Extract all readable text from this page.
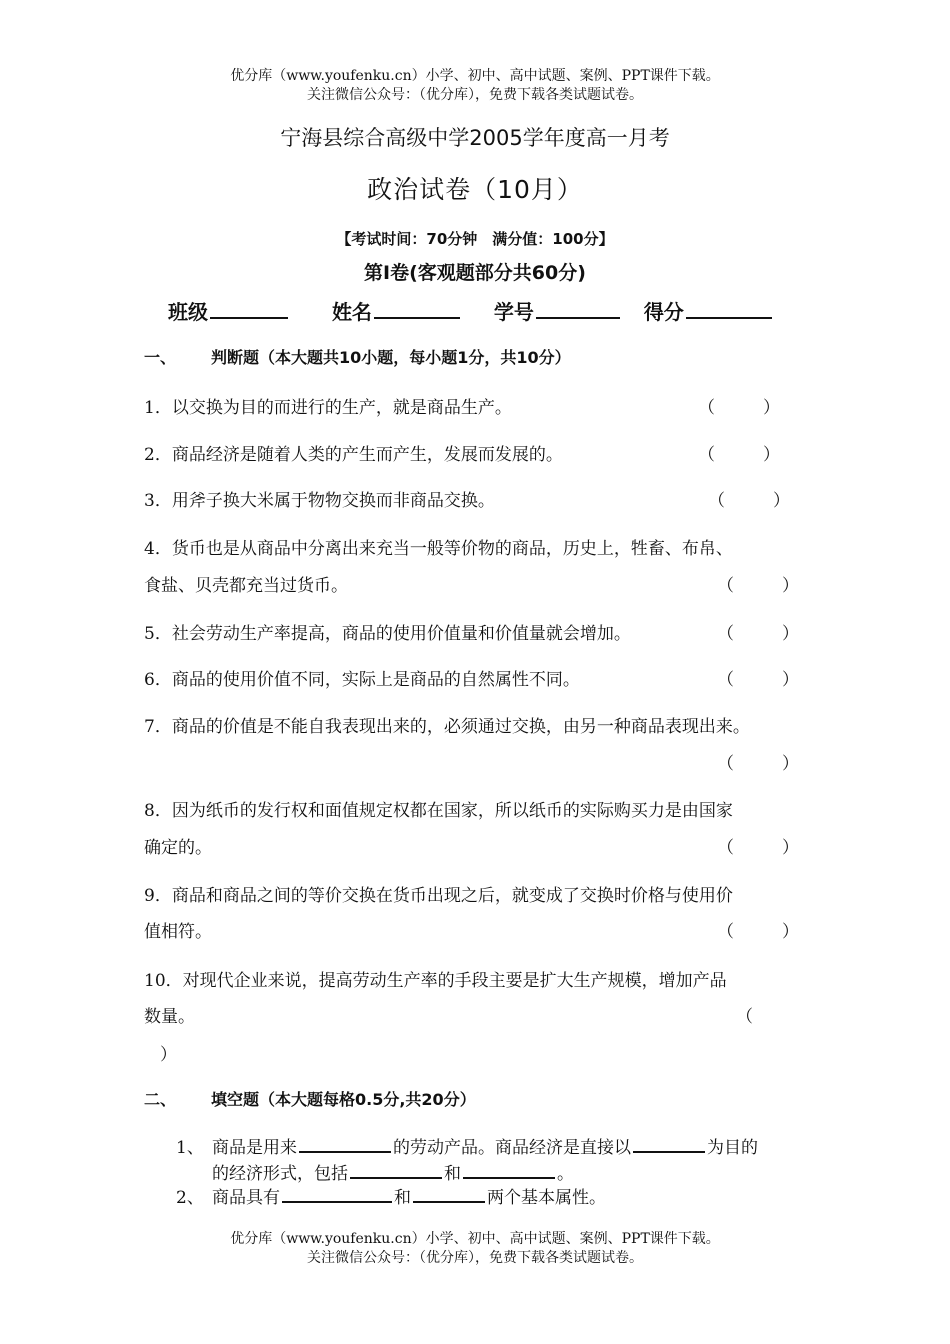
优分库（www.youfenku.cn）小学、初中、高中试题、案例、PPT课件下载。
关注微信公众号：（优分库），免费下载各类试题试卷。
宁海县综合高级中学2005学年度高一月考
政治试卷（10月）
【考试时间：70分钟　满分值：100分】
第Ⅰ卷(客观题部分共60分)
班级	姓名	学号	得分
一、 判断题（本大题共10小题，每小题1分，共10分）
1．以交换为目的而进行的生产，就是商品生产。	（	）
2．商品经济是随着人类的产生而产生，发展而发展的。	（	）
3．用斧子换大米属于物物交换而非商品交换。	（	）
4．货币也是从商品中分离出来充当一般等价物的商品，历史上，牲畜、布帛、
食盐、贝壳都充当过货币。	（	）
5．社会劳动生产率提高，商品的使用价值量和价值量就会增加。	（	）
6．商品的使用价值不同，实际上是商品的自然属性不同。	（	）
7．商品的价值是不能自我表现出来的，必须通过交换，由另一种商品表现出来。
（	）
8．因为纸币的发行权和面值规定权都在国家，所以纸币的实际购买力是由国家
确定的。	（	）
9．商品和商品之间的等价交换在货币出现之后，就变成了交换时价格与使用价
值相符。	（	）
10．对现代企业来说，提高劳动生产率的手段主要是扩大生产规模，增加产品
数量。	（
）
二、 填空题（本大题每格0.5分,共20分）
1、 商品是用来	的劳动产品。商品经济是直接以	为目的
的经济形式，包括	和	。
2、 商品具有	和	两个基本属性。
优分库（www.youfenku.cn）小学、初中、高中试题、案例、PPT课件下载。
关注微信公众号：（优分库），免费下载各类试题试卷。
